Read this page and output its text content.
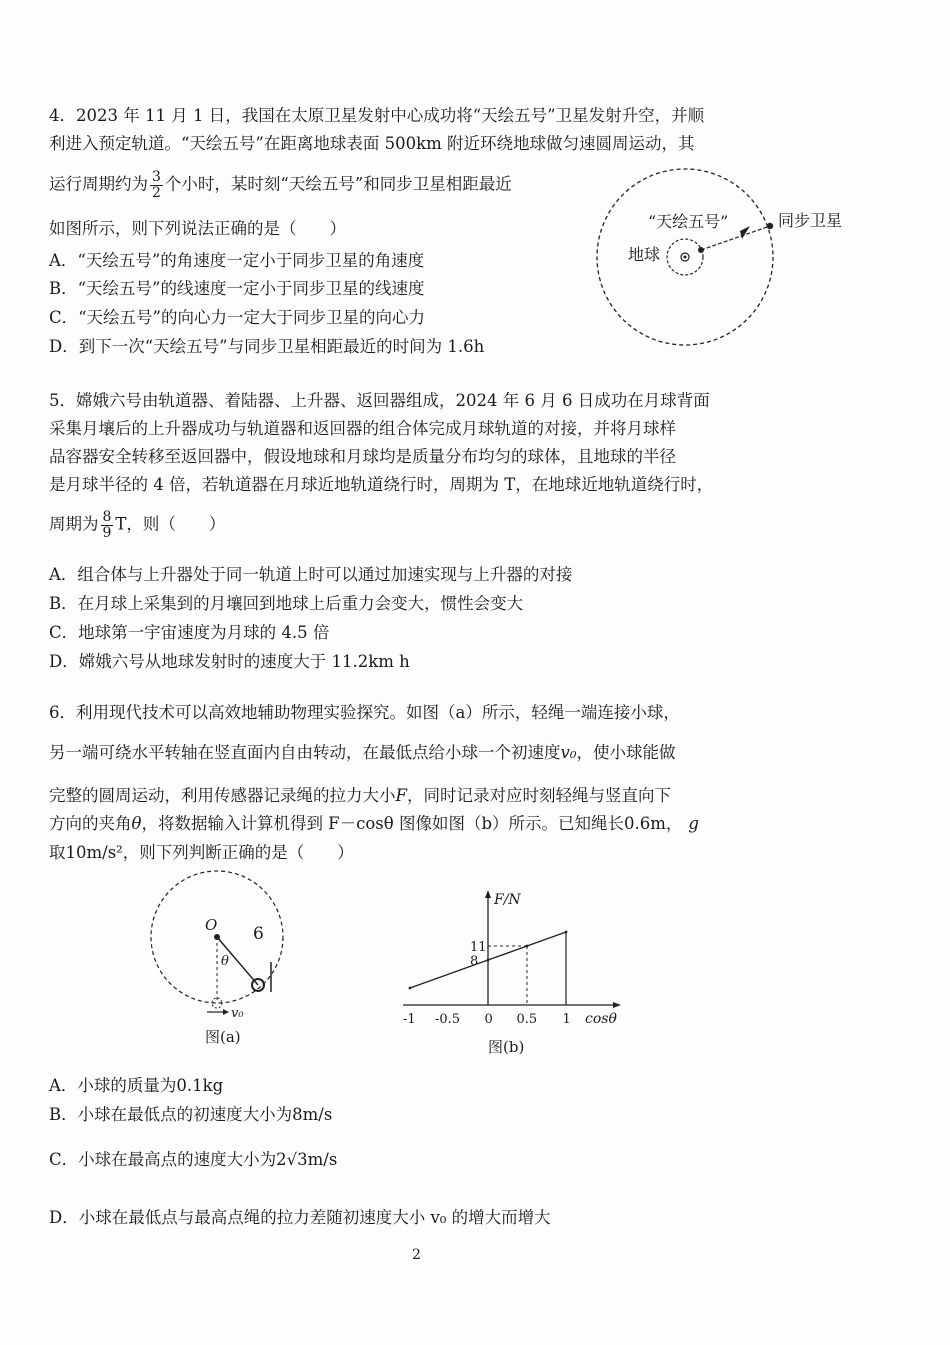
4．2023 年 11 月 1 日，我国在太原卫星发射中心成功将“天绘五号”卫星发射升空，并顺
利进入预定轨道。“天绘五号”在距离地球表面 500km 附近环绕地球做匀速圆周运动，其
运行周期约为 $\frac{3}{2}$ 个小时，某时刻“天绘五号”和同步卫星相距最近
如图所示，则下列说法正确的是（　　）
A．“天绘五号”的角速度一定小于同步卫星的角速度
B．“天绘五号”的线速度一定小于同步卫星的线速度
C．“天绘五号”的向心力一定大于同步卫星的向心力
D．到下一次“天绘五号”与同步卫星相距最近的时间为 1.6h
“天绘五号”	同步卫星
地球
5．嫦娥六号由轨道器、着陆器、上升器、返回器组成，2024 年 6 月 6 日成功在月球背面
采集月壤后的上升器成功与轨道器和返回器的组合体完成月球轨道的对接，并将月球样
品容器安全转移至返回器中，假设地球和月球均是质量分布均匀的球体，且地球的半径
是月球半径的 4 倍，若轨道器在月球近地轨道绕行时，周期为 T，在地球近地轨道绕行时，
周期为 $\frac{8}{9}$ T，则（　　）
A．组合体与上升器处于同一轨道上时可以通过加速实现与上升器的对接
B．在月球上采集到的月壤回到地球上后重力会变大，惯性会变大
C．地球第一宇宙速度为月球的 4.5 倍
D．嫦娥六号从地球发射时的速度大于 11.2km h
6．利用现代技术可以高效地辅助物理实验探究。如图（a）所示，轻绳一端连接小球，
另一端可绕水平转轴在竖直面内自由转动，在最低点给小球一个初速度v₀，使小球能做
完整的圆周运动，利用传感器记录绳的拉力大小F，同时记录对应时刻轻绳与竖直向下
方向的夹角θ，将数据输入计算机得到 F－cosθ 图像如图（b）所示。已知绳长0.6m， g
取10m/s²，则下列判断正确的是（　　）
O 6
θ
v₀
图(a)
-1 -0.5 0 0.5 1
8
11
F/N
cosθ
图(b)
A．小球的质量为0.1kg
B．小球在最低点的初速度大小为8m/s
C．小球在最高点的速度大小为2√3m/s
D．小球在最低点与最高点绳的拉力差随初速度大小 v₀ 的增大而增大
2
